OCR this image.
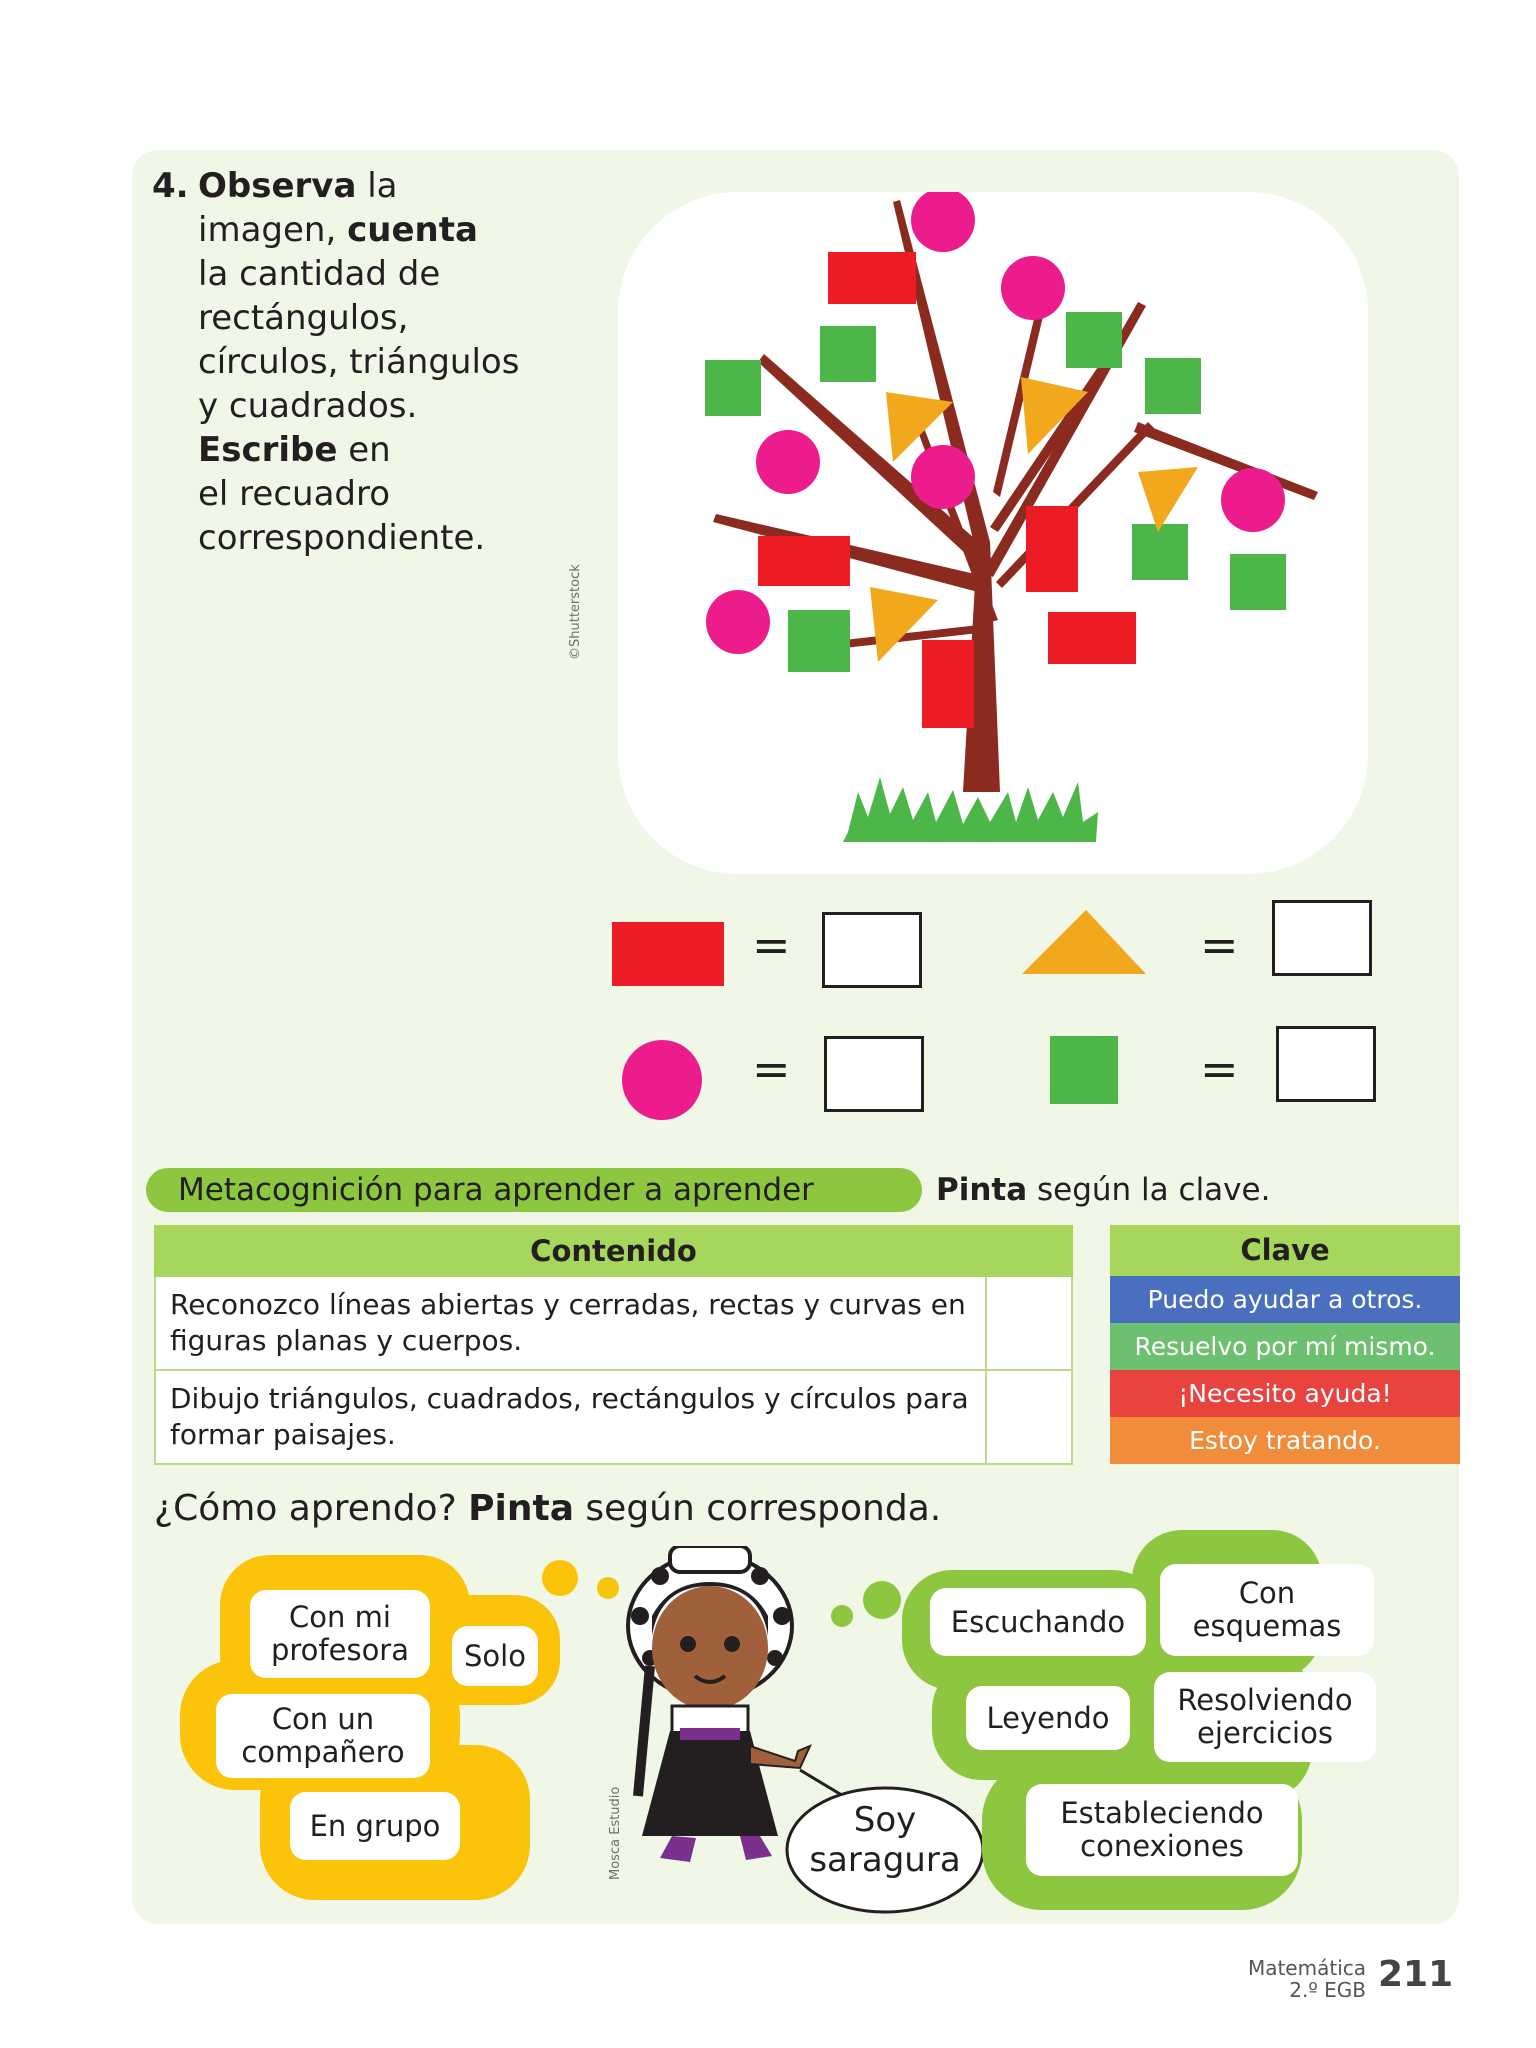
4. Observa la
imagen, cuenta
la cantidad de
rectángulos,
círculos, triángulos
y cuadrados.
Escribe en
el recuadro
correspondiente.
©Shutterstock
=	=
=	=
Metacognición para aprender a aprender	Pinta según la clave.
Contenido	
Reconozco líneas abiertas y cerradas, rectas y curvas en figuras planas y cuerpos.	
Dibujo triángulos, cuadrados, rectángulos y círculos para formar paisajes.	
Clave
Puedo ayudar a otros.
Resuelvo por mí mismo.
¡Necesito ayuda!
Estoy tratando.
¿Cómo aprendo? Pinta según corresponda.
Con mi profesora	Solo
Con un compañero
En grupo	Mosca Estudio	Soy saragura
Escuchando
Con esquemas
Leyendo
Resolviendo ejercicios
Estableciendo conexiones
Matemática
2.º EGB 211
